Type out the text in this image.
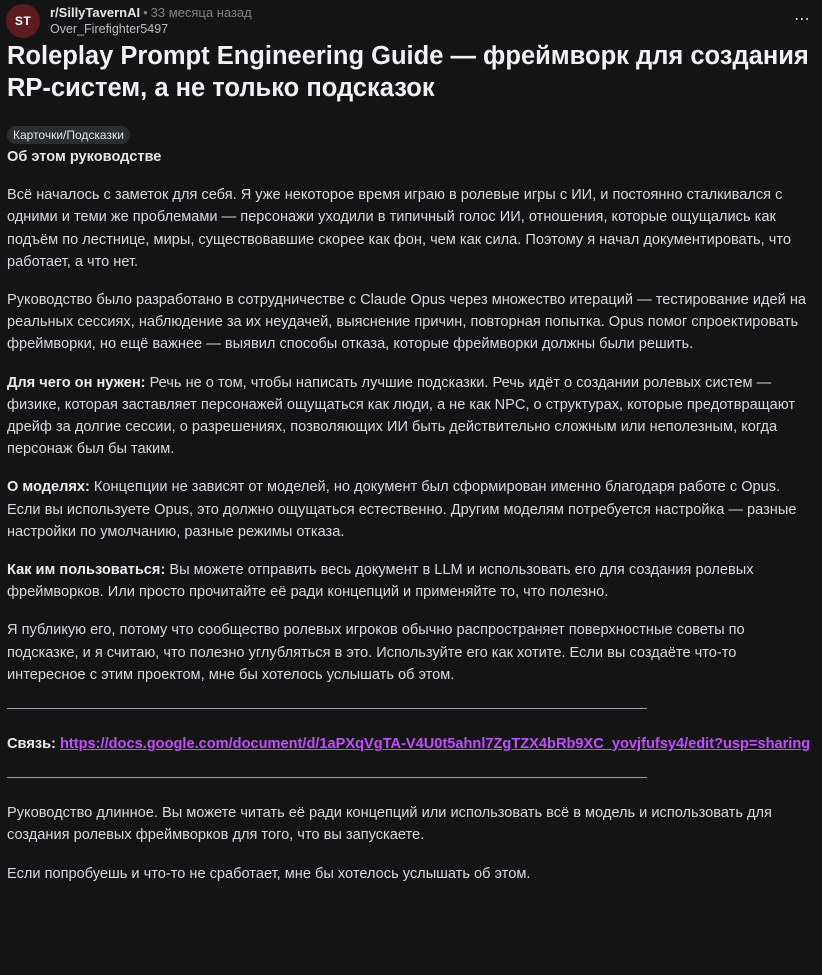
ST
r/SillyTavernAI • 33 месяца назад
Over_Firefighter5497
⋯
Roleplay Prompt Engineering Guide — фреймворк для создания RP-систем, а не только подсказок
Карточки/Подсказки

Об этом руководстве

Всё началось с заметок для себя. Я уже некоторое время играю в ролевые игры с ИИ, и постоянно сталкивался с одними и теми же проблемами — персонажи уходили в типичный голос ИИ, отношения, которые ощущались как подъём по лестнице, миры, существовавшие скорее как фон, чем как сила. Поэтому я начал документировать, что работает, а что нет.

Руководство было разработано в сотрудничестве с Claude Opus через множество итераций — тестирование идей на реальных сессиях, наблюдение за их неудачей, выяснение причин, повторная попытка. Opus помог спроектировать фреймворки, но ещё важнее — выявил способы отказа, которые фреймворки должны были решить.

Для чего он нужен: Речь не о том, чтобы написать лучшие подсказки. Речь идёт о создании ролевых систем — физике, которая заставляет персонажей ощущаться как люди, а не как NPC, о структурах, которые предотвращают дрейф за долгие сессии, о разрешениях, позволяющих ИИ быть действительно сложным или неполезным, когда персонаж был бы таким.

О моделях: Концепции не зависят от моделей, но документ был сформирован именно благодаря работе с Opus. Если вы используете Opus, это должно ощущаться естественно. Другим моделям потребуется настройка — разные настройки по умолчанию, разные режимы отказа.

Как им пользоваться: Вы можете отправить весь документ в LLM и использовать его для создания ролевых фреймворков. Или просто прочитайте её ради концепций и применяйте то, что полезно.

Я публикую его, потому что сообщество ролевых игроков обычно распространяет поверхностные советы по подсказке, и я считаю, что полезно углубляться в это. Используйте его как хотите. Если вы создаёте что-то интересное с этим проектом, мне бы хотелось услышать об этом.

Связь: https://docs.google.com/document/d/1aPXqVgTA-V4U0t5ahnl7ZgTZX4bRb9XC_yovjfufsy4/edit?usp=sharing

Руководство длинное. Вы можете читать её ради концепций или использовать всё в модель и использовать для создания ролевых фреймворков для того, что вы запускаете.

Если попробуешь и что-то не сработает, мне бы хотелось услышать об этом.
